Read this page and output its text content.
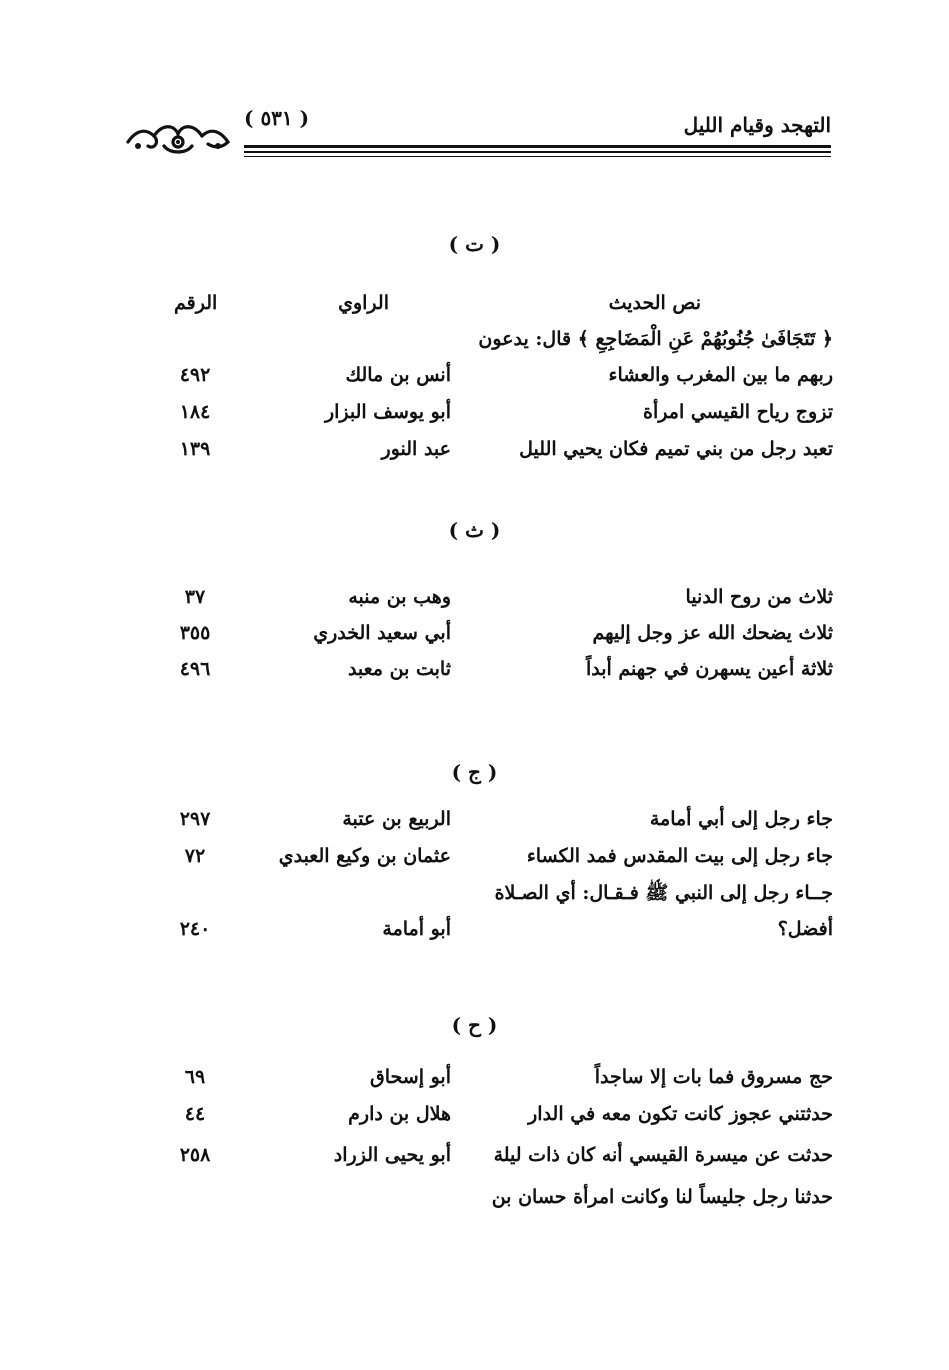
التهجد وقيام الليل
( ٥٣١ )
( ت )
نص الحديث
الراوي
الرقم
﴿ تَتَجَافَىٰ جُنُوبُهُمْ عَنِ الْمَضَاجِعِ ﴾ قال: يدعون
ربهم ما بين المغرب والعشاء
أنس بن مالك
٤٩٢
تزوج رياح القيسي امرأة
أبو يوسف البزار
١٨٤
تعبد رجل من بني تميم فكان يحيي الليل
عبد النور
١٣٩
( ث )
ثلاث من روح الدنيا
وهب بن منبه
٣٧
ثلاث يضحك الله عز وجل إليهم
أبي سعيد الخدري
٣٥٥
ثلاثة أعين يسهرن في جهنم أبداً
ثابت بن معبد
٤٩٦
( ج )
جاء رجل إلى أبي أمامة
الربيع بن عتبة
٢٩٧
جاء رجل إلى بيت المقدس فمد الكساء
عثمان بن وكيع العبدي
٧٢
جــاء رجل إلى النبي ﷺ فـقـال: أي الصـلاة
أفضل؟
أبو أمامة
٢٤٠
( ح )
حج مسروق فما بات إلا ساجداً
أبو إسحاق
٦٩
حدثتني عجوز كانت تكون معه في الدار
هلال بن دارم
٤٤
حدثت عن ميسرة القيسي أنه كان ذات ليلة
أبو يحيى الزراد
٢٥٨
حدثنا رجل جليساً لنا وكانت امرأة حسان بن
